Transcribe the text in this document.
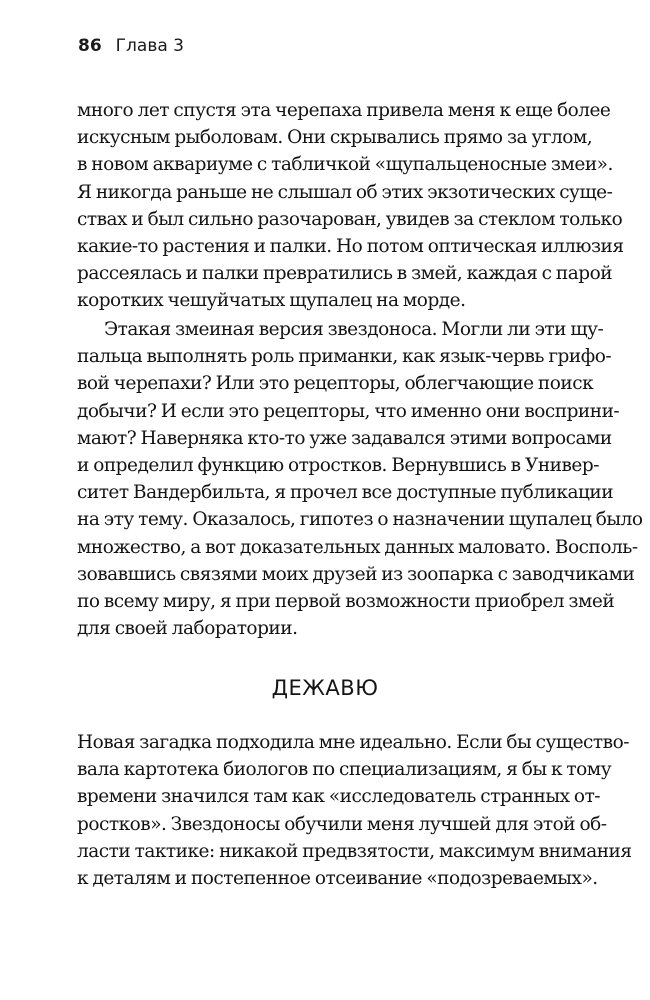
86 Глава 3
много лет спустя эта черепаха привела меня к еще более
искусным рыболовам. Они скрывались прямо за углом,
в новом аквариуме с табличкой «щупальценосные змеи».
Я никогда раньше не слышал об этих экзотических суще-
ствах и был сильно разочарован, увидев за стеклом только
какие-то растения и палки. Но потом оптическая иллюзия
рассеялась и палки превратились в змей, каждая с парой
коротких чешуйчатых щупалец на морде.
Этакая змеиная версия звездоноса. Могли ли эти щу-
пальца выполнять роль приманки, как язык-червь грифо-
вой черепахи? Или это рецепторы, облегчающие поиск
добычи? И если это рецепторы, что именно они восприни-
мают? Наверняка кто-то уже задавался этими вопросами
и определил функцию отростков. Вернувшись в Универ-
ситет Вандербильта, я прочел все доступные публикации
на эту тему. Оказалось, гипотез о назначении щупалец было
множество, а вот доказательных данных маловато. Восполь-
зовавшись связями моих друзей из зоопарка с заводчиками
по всему миру, я при первой возможности приобрел змей
для своей лаборатории.
ДЕЖАВЮ
Новая загадка подходила мне идеально. Если бы существо-
вала картотека биологов по специализациям, я бы к тому
времени значился там как «исследователь странных от-
ростков». Звездоносы обучили меня лучшей для этой об-
ласти тактике: никакой предвзятости, максимум внимания
к деталям и постепенное отсеивание «подозреваемых».
